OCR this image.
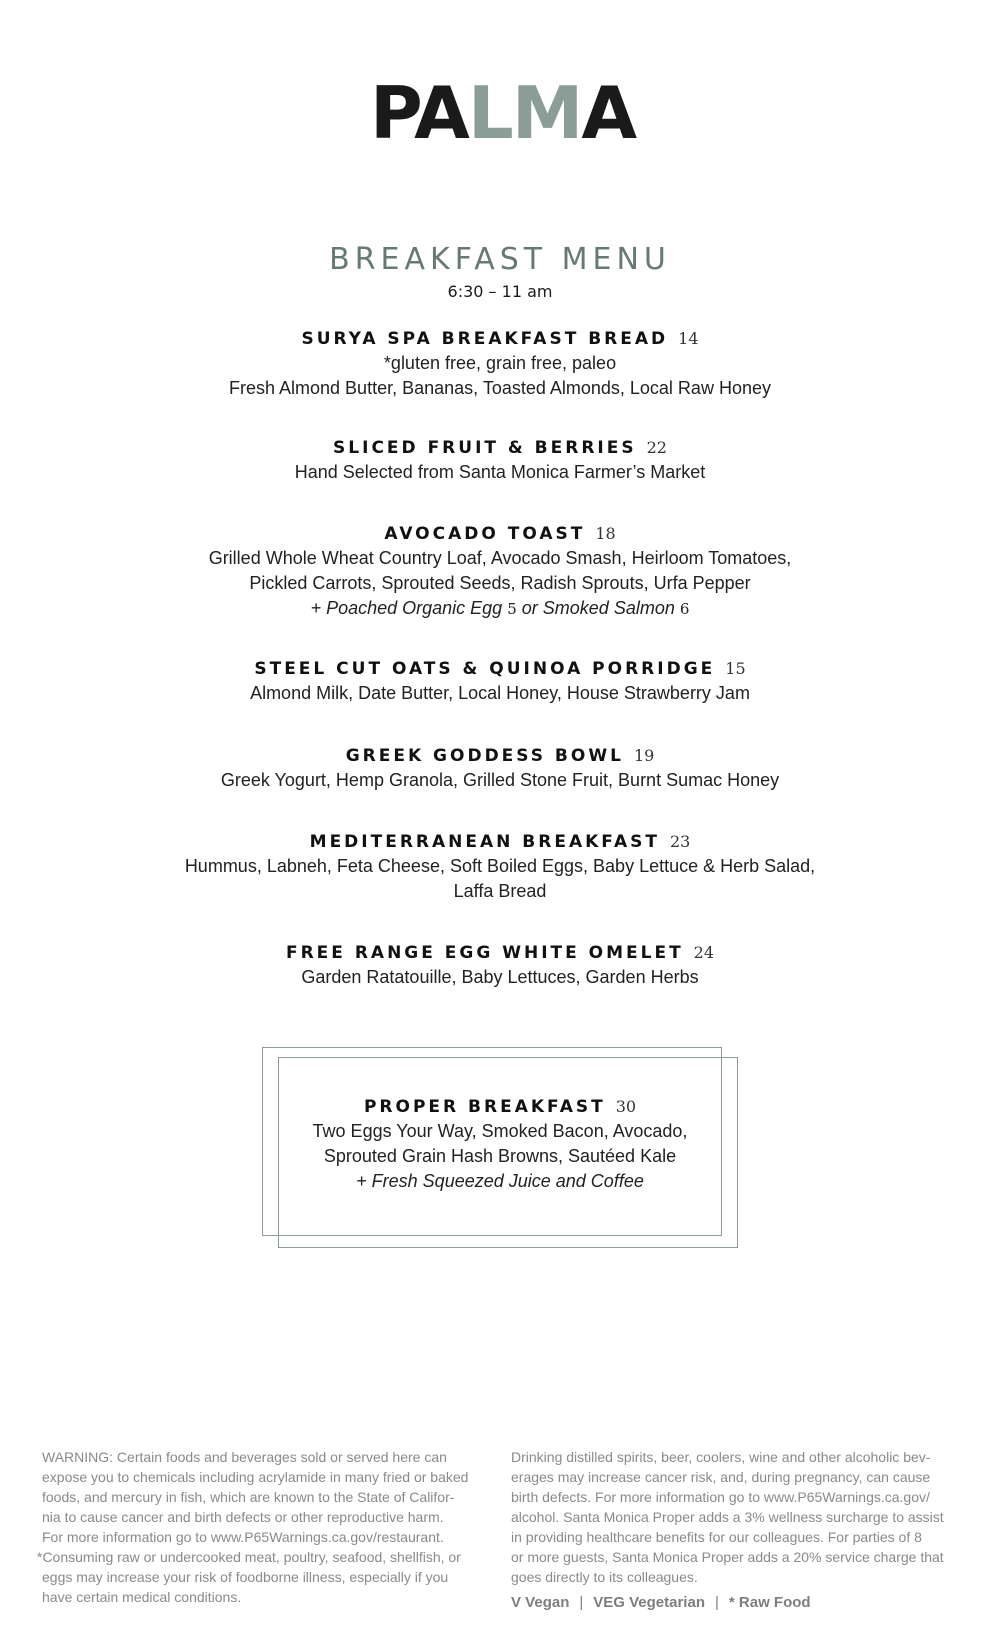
PA LM A
BREAKFAST MENU
6:30 – 11 am
SURYA SPA BREAKFAST BREAD 14
*gluten free, grain free, paleo
Fresh Almond Butter, Bananas, Toasted Almonds, Local Raw Honey
SLICED FRUIT & BERRIES 22
Hand Selected from Santa Monica Farmer’s Market
AVOCADO TOAST 18
Grilled Whole Wheat Country Loaf, Avocado Smash, Heirloom Tomatoes,
Pickled Carrots, Sprouted Seeds, Radish Sprouts, Urfa Pepper
+ Poached Organic Egg 5 or Smoked Salmon 6
STEEL CUT OATS & QUINOA PORRIDGE 15
Almond Milk, Date Butter, Local Honey, House Strawberry Jam
GREEK GODDESS BOWL 19
Greek Yogurt, Hemp Granola, Grilled Stone Fruit, Burnt Sumac Honey
MEDITERRANEAN BREAKFAST 23
Hummus, Labneh, Feta Cheese, Soft Boiled Eggs, Baby Lettuce & Herb Salad,
Laffa Bread
FREE RANGE EGG WHITE OMELET 24
Garden Ratatouille, Baby Lettuces, Garden Herbs
PROPER BREAKFAST 30
Two Eggs Your Way, Smoked Bacon, Avocado,
Sprouted Grain Hash Browns, Sautéed Kale
+ Fresh Squeezed Juice and Coffee
WARNING: Certain foods and beverages sold or served here can
expose you to chemicals including acrylamide in many fried or baked
foods, and mercury in fish, which are known to the State of Califor-
nia to cause cancer and birth defects or other reproductive harm.
For more information go to www.P65Warnings.ca.gov/restaurant.
*Consuming raw or undercooked meat, poultry, seafood, shellfish, or
eggs may increase your risk of foodborne illness, especially if you
have certain medical conditions.
Drinking distilled spirits, beer, coolers, wine and other alcoholic bev-
erages may increase cancer risk, and, during pregnancy, can cause
birth defects. For more information go to www.P65Warnings.ca.gov/
alcohol. Santa Monica Proper adds a 3% wellness surcharge to assist
in providing healthcare benefits for our colleagues. For parties of 8
or more guests, Santa Monica Proper adds a 20% service charge that
goes directly to its colleagues.
V Vegan | VEG Vegetarian | * Raw Food
